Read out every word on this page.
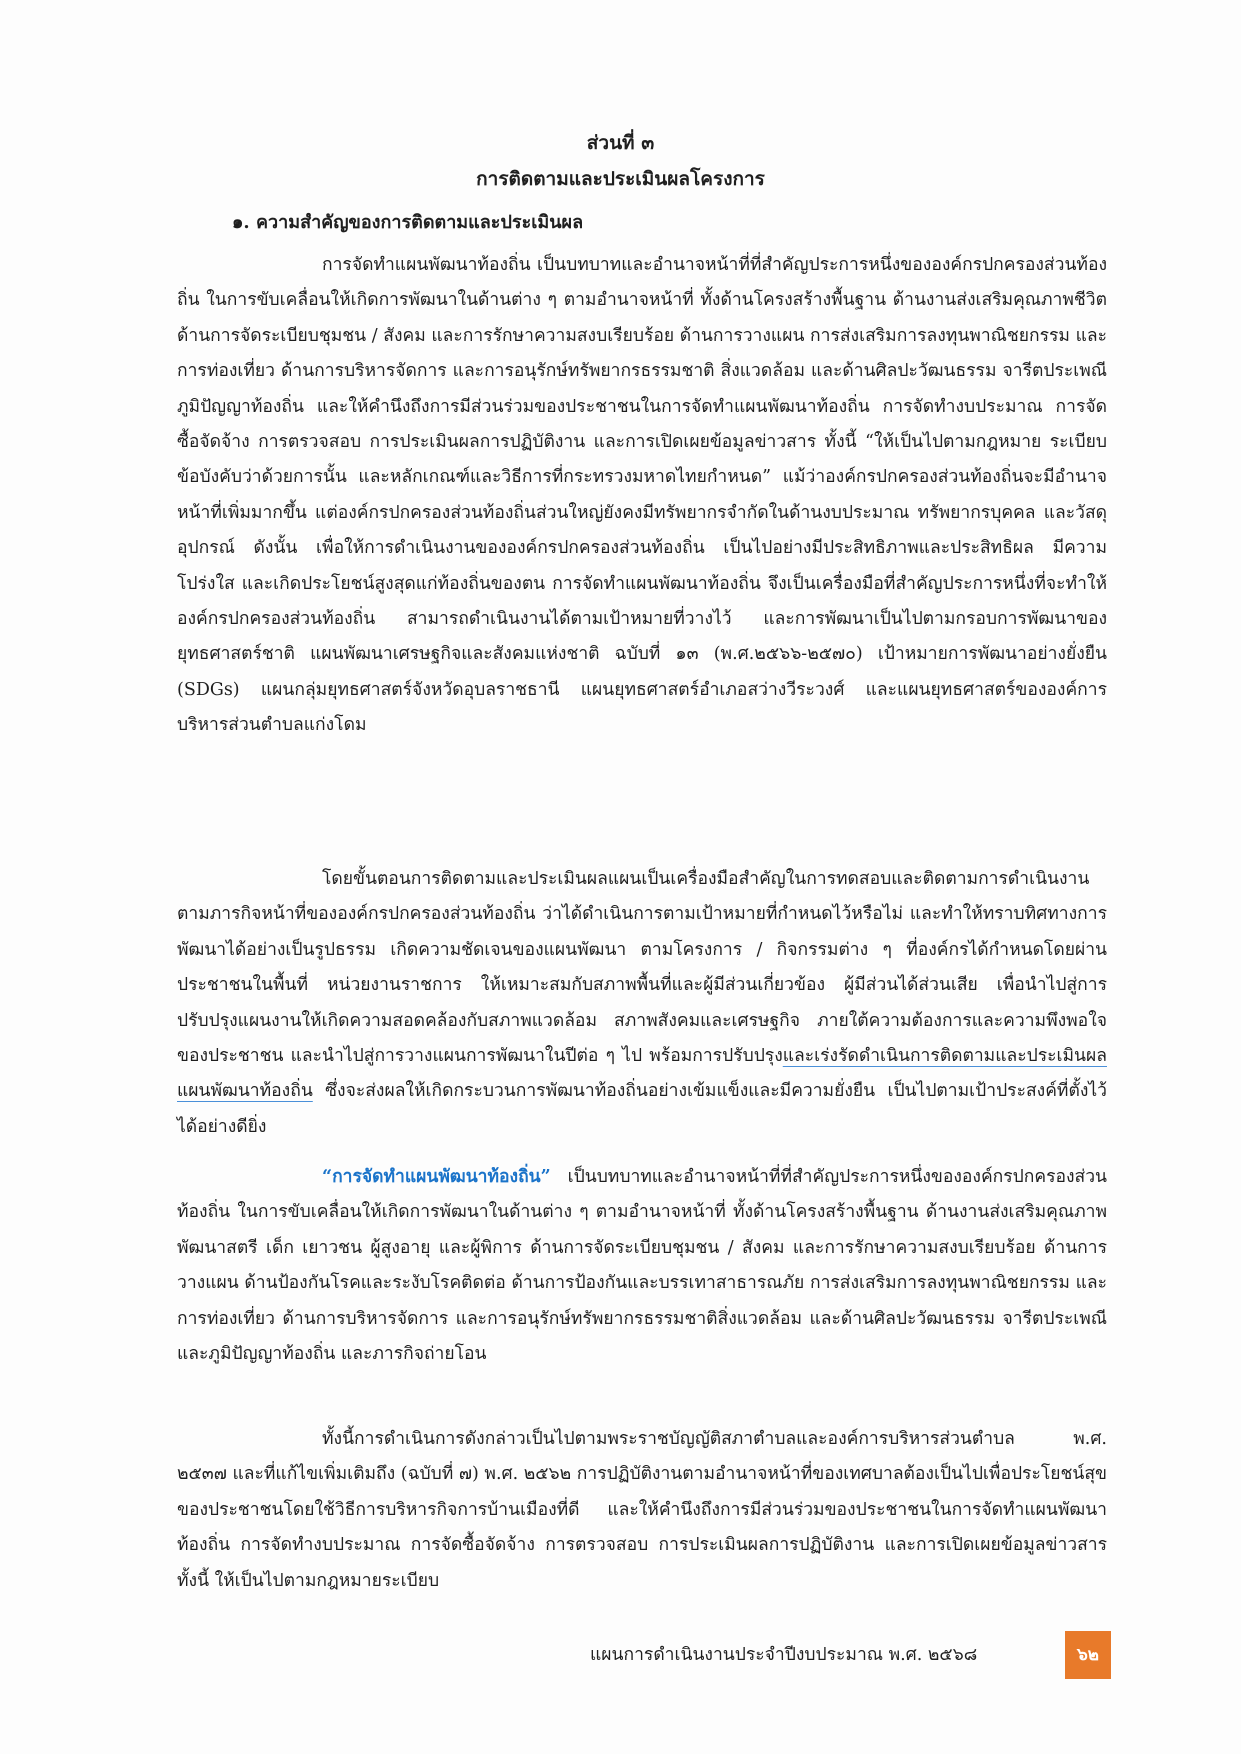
ส่วนที่ ๓
การติดตามและประเมินผลโครงการ
๑. ความสำคัญของการติดตามและประเมินผล

การจัดทำแผนพัฒนาท้องถิ่น เป็นบทบาทและอำนาจหน้าที่ที่สำคัญประการหนึ่งขององค์กรปกครองส่วนท้องถิ่น ในการขับเคลื่อนให้เกิดการพัฒนาในด้านต่าง ๆ ตามอำนาจหน้าที่ ทั้งด้านโครงสร้างพื้นฐาน ด้านงานส่งเสริมคุณภาพชีวิต ด้านการจัดระเบียบชุมชน / สังคม และการรักษาความสงบเรียบร้อย ด้านการวางแผน การส่งเสริมการลงทุนพาณิชยกรรม และการท่องเที่ยว ด้านการบริหารจัดการ และการอนุรักษ์ทรัพยากรธรรมชาติ สิ่งแวดล้อม และด้านศิลปะวัฒนธรรม จารีตประเพณี ภูมิปัญญาท้องถิ่น และให้คำนึงถึงการมีส่วนร่วมของประชาชนในการจัดทำแผนพัฒนาท้องถิ่น การจัดทำงบประมาณ การจัดซื้อจัดจ้าง การตรวจสอบ การประเมินผลการปฏิบัติงาน และการเปิดเผยข้อมูลข่าวสาร ทั้งนี้ “ให้เป็นไปตามกฎหมาย ระเบียบ ข้อบังคับว่าด้วยการนั้น และหลักเกณฑ์และวิธีการที่กระทรวงมหาดไทยกำหนด” แม้ว่าองค์กรปกครองส่วนท้องถิ่นจะมีอำนาจหน้าที่เพิ่มมากขึ้น แต่องค์กรปกครองส่วนท้องถิ่นส่วนใหญ่ยังคงมีทรัพยากรจำกัดในด้านงบประมาณ ทรัพยากรบุคคล และวัสดุอุปกรณ์ ดังนั้น เพื่อให้การดำเนินงานขององค์กรปกครองส่วนท้องถิ่น เป็นไปอย่างมีประสิทธิภาพและประสิทธิผล มีความโปร่งใส และเกิดประโยชน์สูงสุดแก่ท้องถิ่นของตน การจัดทำแผนพัฒนาท้องถิ่น จึงเป็นเครื่องมือที่สำคัญประการหนึ่งที่จะทำให้องค์กรปกครองส่วนท้องถิ่น สามารถดำเนินงานได้ตามเป้าหมายที่วางไว้ และการพัฒนาเป็นไปตามกรอบการพัฒนาของยุทธศาสตร์ชาติ แผนพัฒนาเศรษฐกิจและสังคมแห่งชาติ ฉบับที่ ๑๓ (พ.ศ.๒๕๖๖-๒๕๗๐) เป้าหมายการพัฒนาอย่างยั่งยืน (SDGs) แผนกลุ่มยุทธศาสตร์จังหวัดอุบลราชธานี แผนยุทธศาสตร์อำเภอสว่างวีระวงศ์ และแผนยุทธศาสตร์ขององค์การบริหารส่วนตำบลแก่งโดม

โดยขั้นตอนการติดตามและประเมินผลแผนเป็นเครื่องมือสำคัญในการทดสอบและติดตามการดำเนินงานตามภารกิจหน้าที่ขององค์กรปกครองส่วนท้องถิ่น ว่าได้ดำเนินการตามเป้าหมายที่กำหนดไว้หรือไม่ และทำให้ทราบทิศทางการพัฒนาได้อย่างเป็นรูปธรรม เกิดความชัดเจนของแผนพัฒนา ตามโครงการ / กิจกรรมต่าง ๆ ที่องค์กรได้กำหนดโดยผ่านประชาชนในพื้นที่ หน่วยงานราชการ ให้เหมาะสมกับสภาพพื้นที่และผู้มีส่วนเกี่ยวข้อง ผู้มีส่วนได้ส่วนเสีย เพื่อนำไปสู่การปรับปรุงแผนงานให้เกิดความสอดคล้องกับสภาพแวดล้อม สภาพสังคมและเศรษฐกิจ ภายใต้ความต้องการและความพึงพอใจของประชาชน และนำไปสู่การวางแผนการพัฒนาในปีต่อ ๆ ไป พร้อมการปรับปรุงและเร่งรัดดำเนินการติดตามและประเมินผลแผนพัฒนาท้องถิ่น ซึ่งจะส่งผลให้เกิดกระบวนการพัฒนาท้องถิ่นอย่างเข้มแข็งและมีความยั่งยืน เป็นไปตามเป้าประสงค์ที่ตั้งไว้ได้อย่างดียิ่ง

“การจัดทำแผนพัฒนาท้องถิ่น” เป็นบทบาทและอำนาจหน้าที่ที่สำคัญประการหนึ่งขององค์กรปกครองส่วนท้องถิ่น ในการขับเคลื่อนให้เกิดการพัฒนาในด้านต่าง ๆ ตามอำนาจหน้าที่ ทั้งด้านโครงสร้างพื้นฐาน ด้านงานส่งเสริมคุณภาพพัฒนาสตรี เด็ก เยาวชน ผู้สูงอายุ และผู้พิการ ด้านการจัดระเบียบชุมชน / สังคม และการรักษาความสงบเรียบร้อย ด้านการวางแผน ด้านป้องกันโรคและระงับโรคติดต่อ ด้านการป้องกันและบรรเทาสาธารณภัย การส่งเสริมการลงทุนพาณิชยกรรม และการท่องเที่ยว ด้านการบริหารจัดการ และการอนุรักษ์ทรัพยากรธรรมชาติสิ่งแวดล้อม และด้านศิลปะวัฒนธรรม จารีตประเพณี และภูมิปัญญาท้องถิ่น และภารกิจถ่ายโอน

ทั้งนี้การดำเนินการดังกล่าวเป็นไปตามพระราชบัญญัติสภาตำบลและองค์การบริหารส่วนตำบล พ.ศ. ๒๕๓๗ และที่แก้ไขเพิ่มเติมถึง (ฉบับที่ ๗) พ.ศ. ๒๕๖๒ การปฏิบัติงานตามอำนาจหน้าที่ของเทศบาลต้องเป็นไปเพื่อประโยชน์สุขของประชาชนโดยใช้วิธีการบริหารกิจการบ้านเมืองที่ดี และให้คำนึงถึงการมีส่วนร่วมของประชาชนในการจัดทำแผนพัฒนาท้องถิ่น การจัดทำงบประมาณ การจัดซื้อจัดจ้าง การตรวจสอบ การประเมินผลการปฏิบัติงาน และการเปิดเผยข้อมูลข่าวสาร ทั้งนี้ ให้เป็นไปตามกฎหมายระเบียบ

แผนการดำเนินงานประจำปีงบประมาณ พ.ศ. ๒๕๖๘	๖๒
